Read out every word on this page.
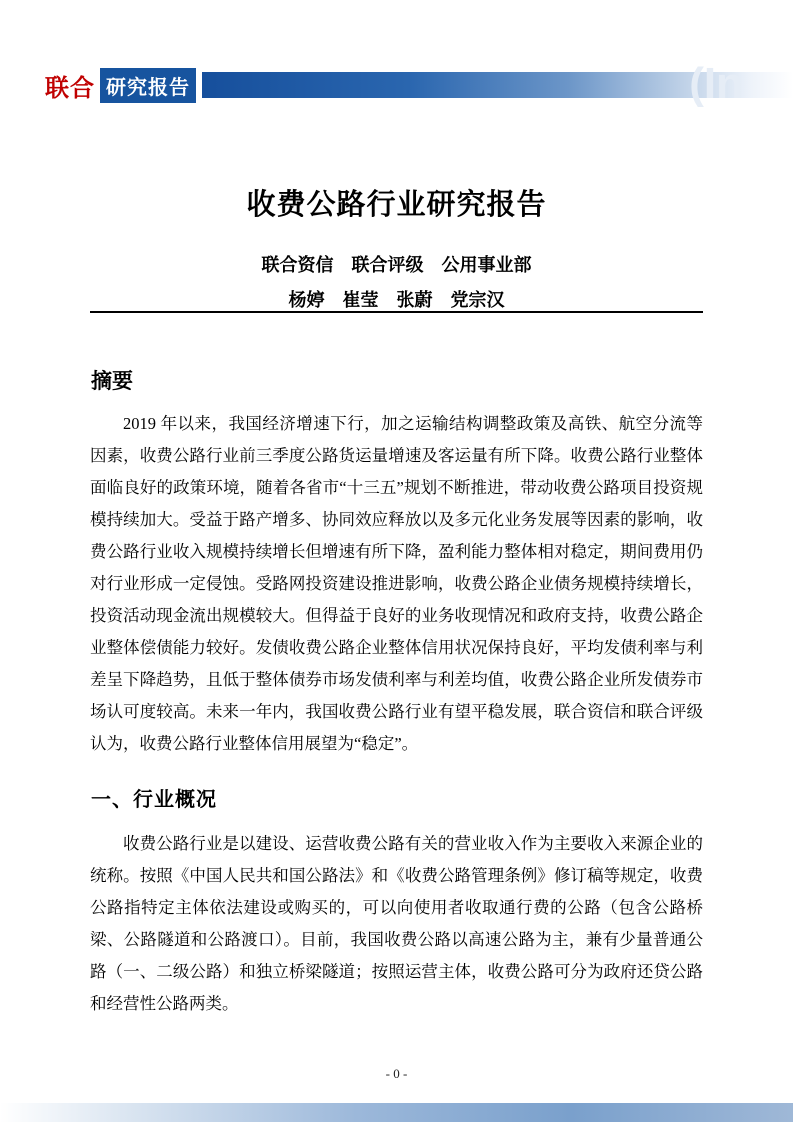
联合 研究报告	(In
收费公路行业研究报告

联合资信　联合评级　公用事业部

杨婷　崔莹　张蔚　党宗汉

摘要

2019 年以来，我国经济增速下行，加之运输结构调整政策及高铁、航空分流等因素，收费公路行业前三季度公路货运量增速及客运量有所下降。收费公路行业整体面临良好的政策环境，随着各省市“十三五”规划不断推进，带动收费公路项目投资规模持续加大。受益于路产增多、协同效应释放以及多元化业务发展等因素的影响，收费公路行业收入规模持续增长但增速有所下降，盈利能力整体相对稳定，期间费用仍对行业形成一定侵蚀。受路网投资建设推进影响，收费公路企业债务规模持续增长，投资活动现金流出规模较大。但得益于良好的业务收现情况和政府支持，收费公路企业整体偿债能力较好。发债收费公路企业整体信用状况保持良好，平均发债利率与利差呈下降趋势，且低于整体债券市场发债利率与利差均值，收费公路企业所发债券市场认可度较高。未来一年内，我国收费公路行业有望平稳发展，联合资信和联合评级认为，收费公路行业整体信用展望为“稳定”。

一、行业概况

收费公路行业是以建设、运营收费公路有关的营业收入作为主要收入来源企业的统称。按照《中国人民共和国公路法》和《收费公路管理条例》修订稿等规定，收费公路指特定主体依法建设或购买的，可以向使用者收取通行费的公路（包含公路桥梁、公路隧道和公路渡口）。目前，我国收费公路以高速公路为主，兼有少量普通公路（一、二级公路）和独立桥梁隧道；按照运营主体，收费公路可分为政府还贷公路和经营性公路两类。

- 0 -
